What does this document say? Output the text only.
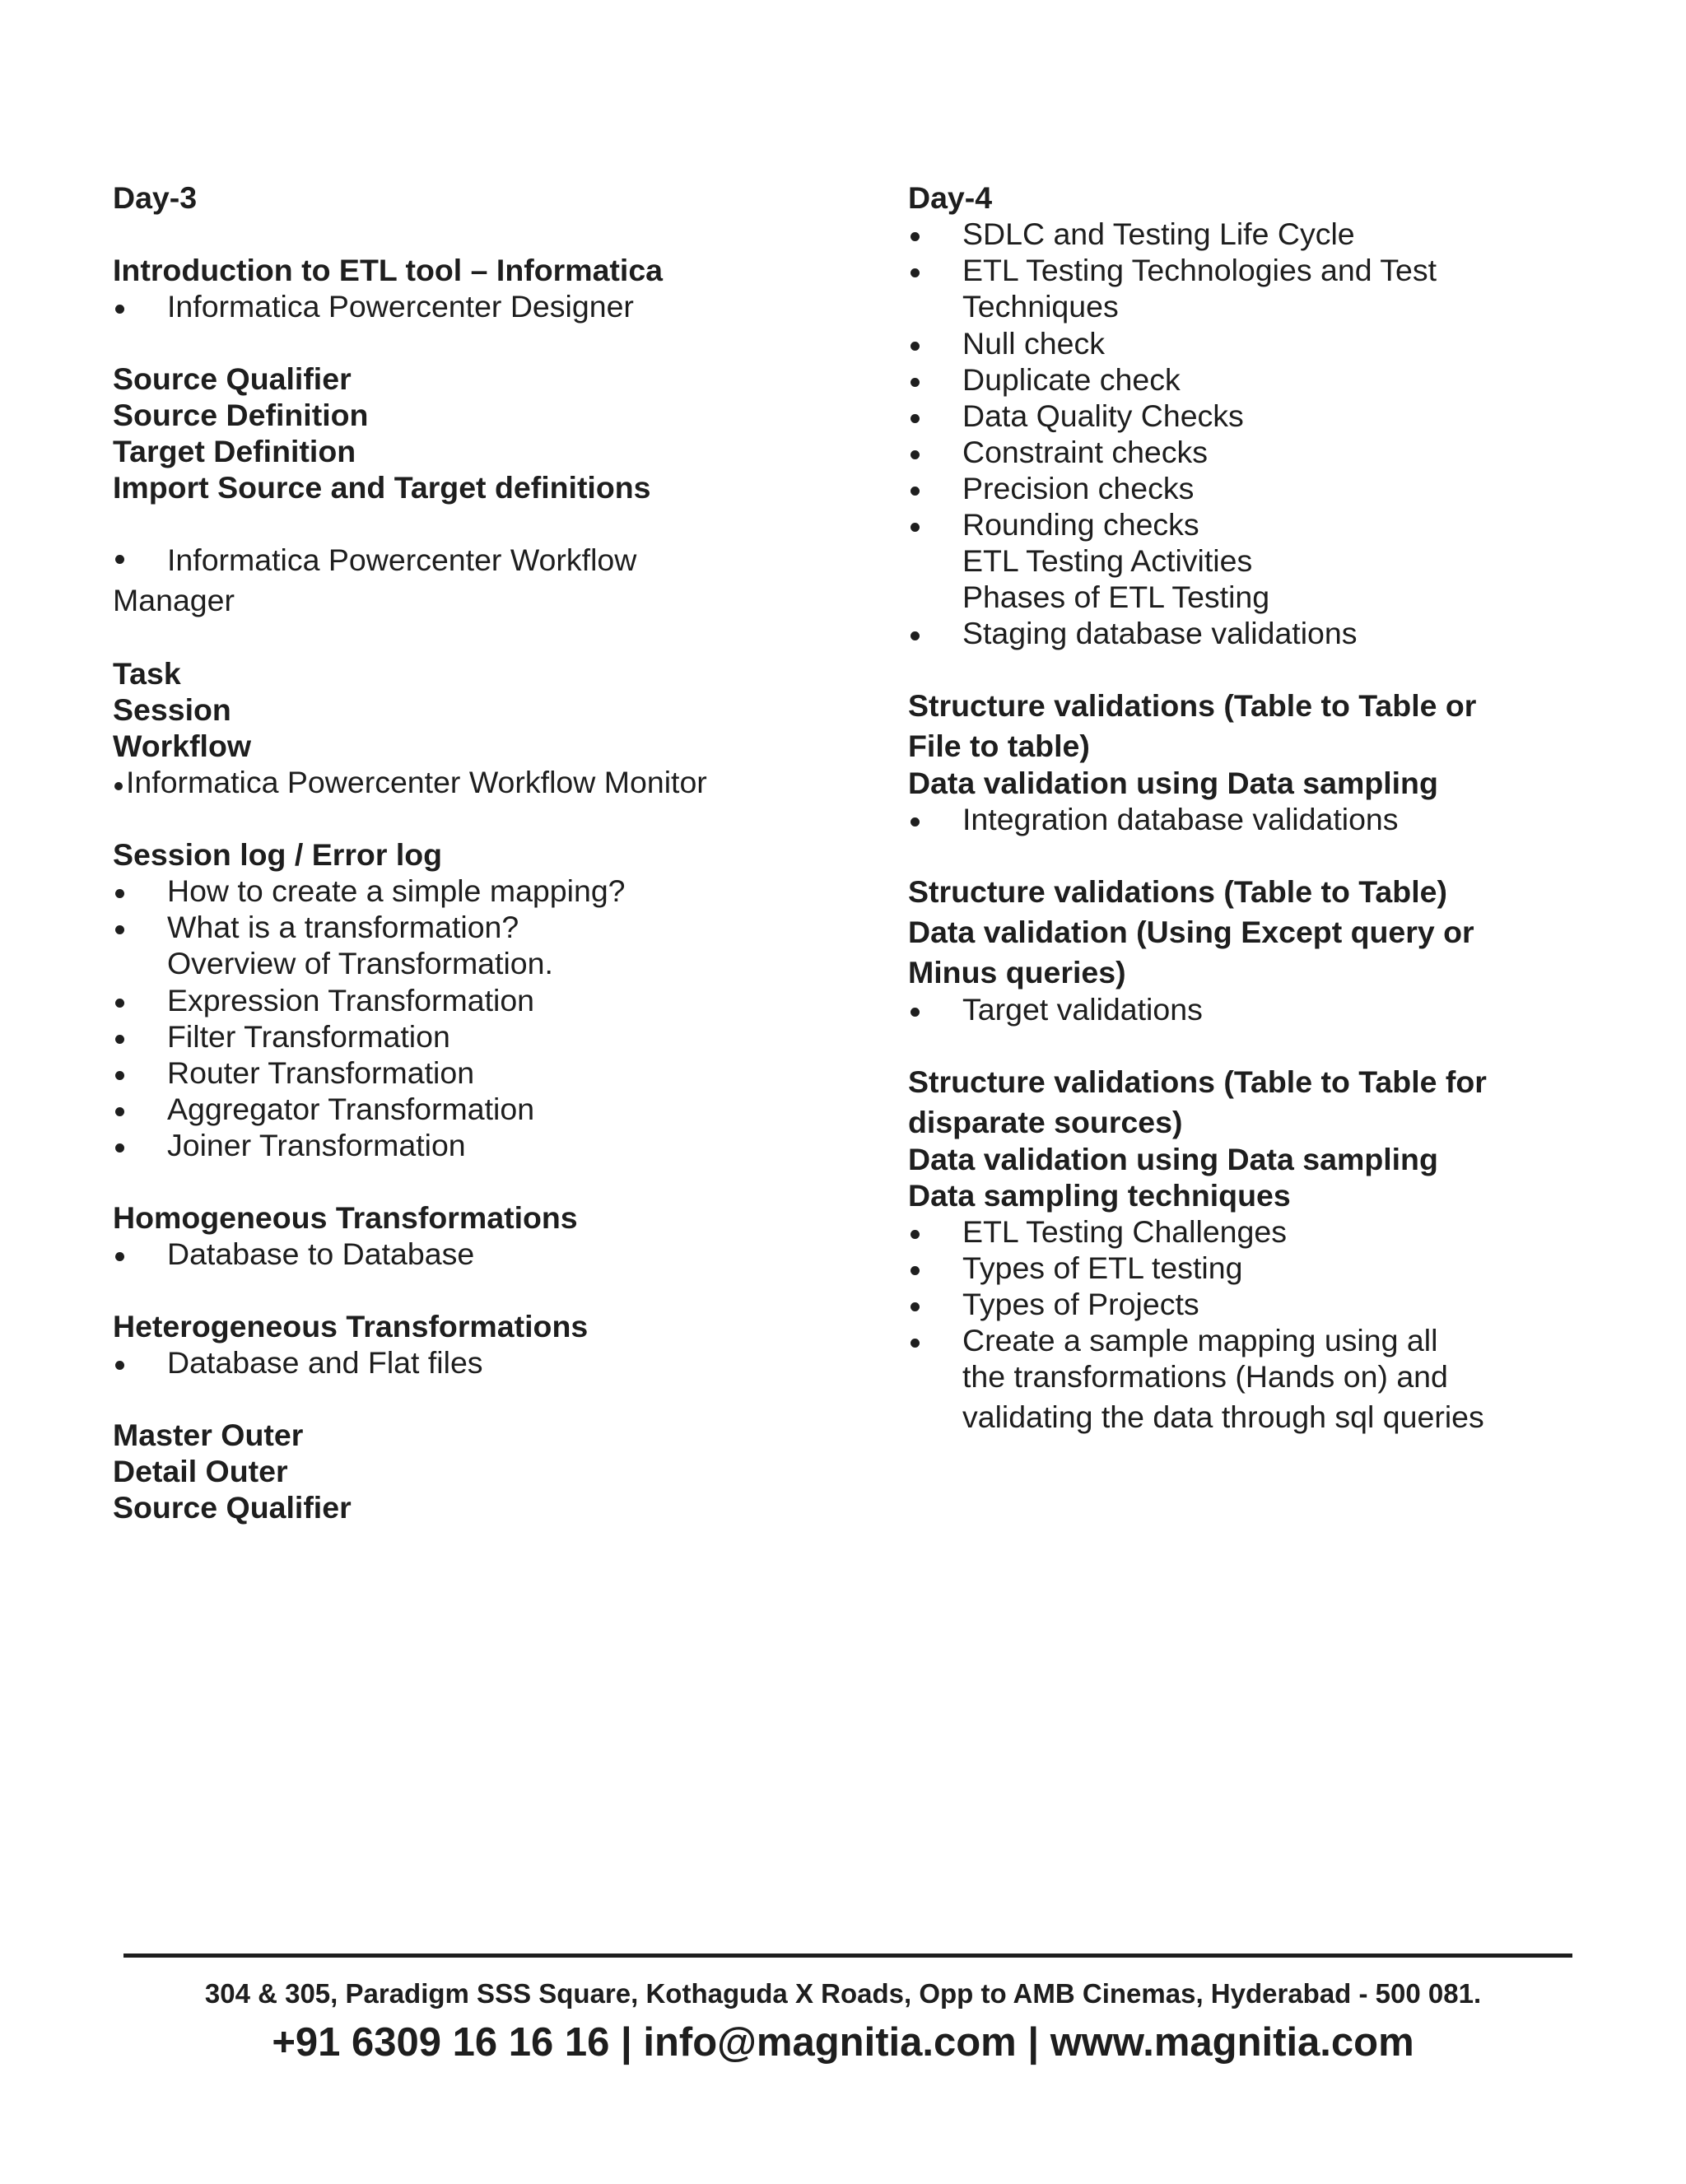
Day-3
Introduction to ETL tool – Informatica
Informatica Powercenter Designer
Source Qualifier
Source Definition
Target Definition
Import Source and Target definitions
Informatica Powercenter Workflow
Manager
Task
Session
Workflow
Informatica Powercenter Workflow Monitor
Session log / Error log
How to create a simple mapping?
What is a transformation?
Overview of Transformation.
Expression Transformation
Filter Transformation
Router Transformation
Aggregator Transformation
Joiner Transformation
Homogeneous Transformations
Database to Database
Heterogeneous Transformations
Database and Flat files
Master Outer
Detail Outer
Source Qualifier
Day-4
SDLC and Testing Life Cycle
ETL Testing Technologies and Test
Techniques
Null check
Duplicate check
Data Quality Checks
Constraint checks
Precision checks
Rounding checks
ETL Testing Activities
Phases of ETL Testing
Staging database validations
Structure validations (Table to Table or
File to table)
Data validation using Data sampling
Integration database validations
Structure validations (Table to Table)
Data validation (Using Except query or
Minus queries)
Target validations
Structure validations (Table to Table for
disparate sources)
Data validation using Data sampling
Data sampling techniques
ETL Testing Challenges
Types of ETL testing
Types of Projects
Create a sample mapping using all
the transformations (Hands on) and
validating the data through sql queries
304 & 305, Paradigm SSS Square, Kothaguda X Roads, Opp to AMB Cinemas, Hyderabad - 500 081.
+91 6309 16 16 16 | info@magnitia.com | www.magnitia.com
